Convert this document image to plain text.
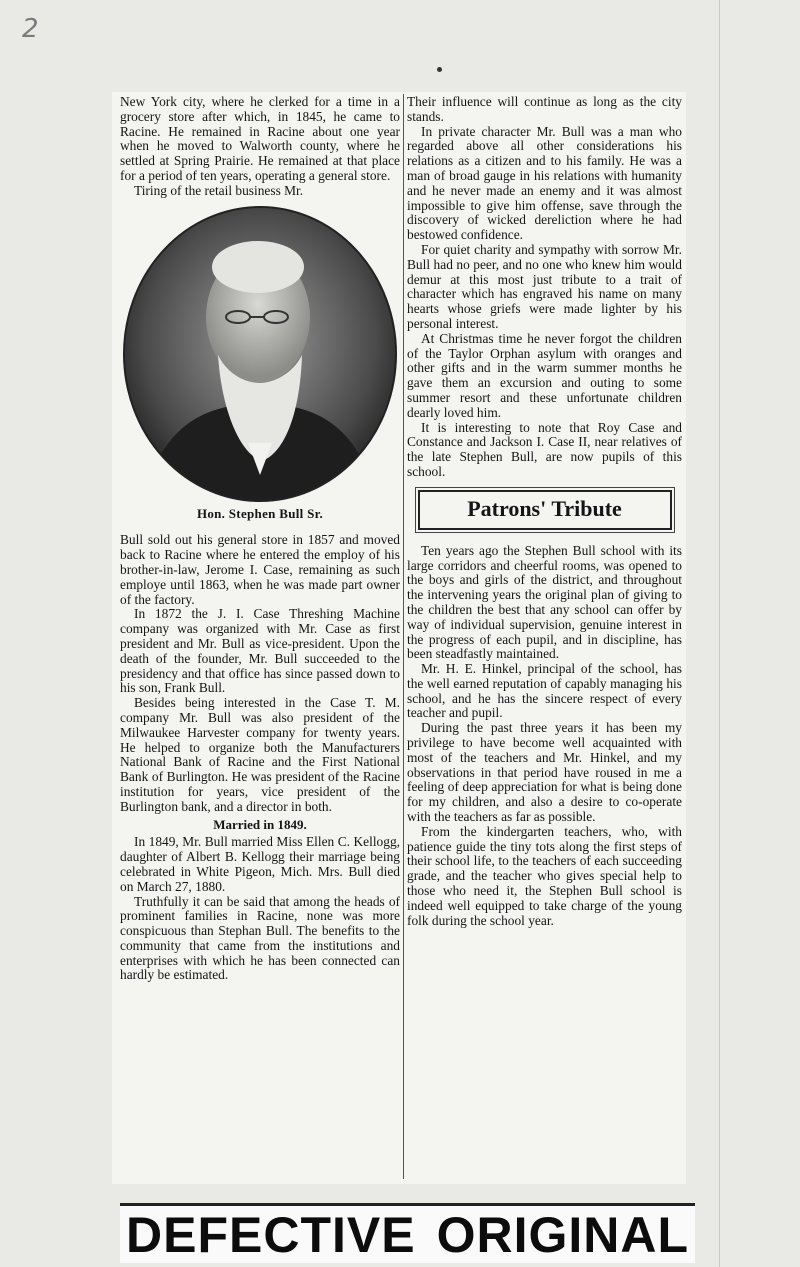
2

New York city, where he clerked for a time in a grocery store after which, in 1845, he came to Racine. He remained in Racine about one year when he moved to Walworth county, where he settled at Spring Prairie. He remained at that place for a period of ten years, operating a general store.

Tiring of the retail business Mr.

Hon. Stephen Bull Sr.

Bull sold out his general store in 1857 and moved back to Racine where he entered the employ of his brother-in-law, Jerome I. Case, remaining as such employe until 1863, when he was made part owner of the factory.

In 1872 the J. I. Case Threshing Machine company was organized with Mr. Case as first president and Mr. Bull as vice-president. Upon the death of the founder, Mr. Bull succeeded to the presidency and that office has since passed down to his son, Frank Bull.

Besides being interested in the Case T. M. company Mr. Bull was also president of the Milwaukee Harvester company for twenty years. He helped to organize both the Manufacturers National Bank of Racine and the First National Bank of Burlington. He was president of the Racine institution for years, vice president of the Burlington bank, and a director in both.

Married in 1849.

In 1849, Mr. Bull married Miss Ellen C. Kellogg, daughter of Albert B. Kellogg their marriage being celebrated in White Pigeon, Mich. Mrs. Bull died on March 27, 1880.

Truthfully it can be said that among the heads of prominent families in Racine, none was more conspicuous than Stephan Bull. The benefits to the community that came from the institutions and enterprises with which he has been connected can hardly be estimated.

Their influence will continue as long as the city stands.

In private character Mr. Bull was a man who regarded above all other considerations his relations as a citizen and to his family. He was a man of broad gauge in his relations with humanity and he never made an enemy and it was almost impossible to give him offense, save through the discovery of wicked dereliction where he had bestowed confidence.

For quiet charity and sympathy with sorrow Mr. Bull had no peer, and no one who knew him would demur at this most just tribute to a trait of character which has engraved his name on many hearts whose griefs were made lighter by his personal interest.

At Christmas time he never forgot the children of the Taylor Orphan asylum with oranges and other gifts and in the warm summer months he gave them an excursion and outing to some summer resort and these unfortunate children dearly loved him.

It is interesting to note that Roy Case and Constance and Jackson I. Case II, near relatives of the late Stephen Bull, are now pupils of this school.

Patrons' Tribute

Ten years ago the Stephen Bull school with its large corridors and cheerful rooms, was opened to the boys and girls of the district, and throughout the intervening years the original plan of giving to the children the best that any school can offer by way of individual supervision, genuine interest in the progress of each pupil, and in discipline, has been steadfastly maintained.

Mr. H. E. Hinkel, principal of the school, has the well earned reputation of capably managing his school, and he has the sincere respect of every teacher and pupil.

During the past three years it has been my privilege to have become well acquainted with most of the teachers and Mr. Hinkel, and my observations in that period have roused in me a feeling of deep appreciation for what is being done for my children, and also a desire to co-operate with the teachers as far as possible.

From the kindergarten teachers, who, with patience guide the tiny tots along the first steps of their school life, to the teachers of each succeeding grade, and the teacher who gives special help to those who need it, the Stephen Bull school is indeed well equipped to take charge of the young folk during the school year.

DEFECTIVE ORIGINAL
